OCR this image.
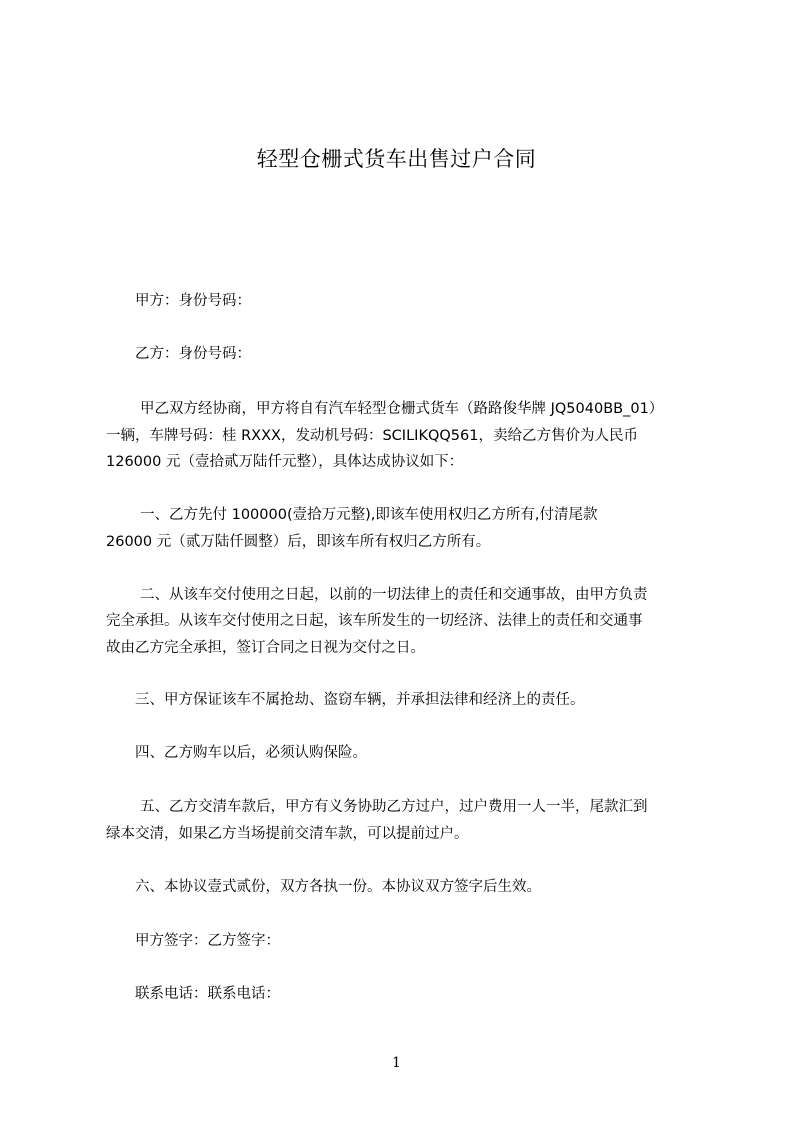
轻型仓栅式货车出售过户合同

甲方：身份号码：

乙方：身份号码：

甲乙双方经协商，甲方将自有汽车轻型仓栅式货车（路路俊华牌 JQ5040BB_01）

一辆，车牌号码：桂 RXXX，发动机号码：SCILIKQQ561，卖给乙方售价为人民币

126000 元（壹拾贰万陆仟元整），具体达成协议如下：

一、乙方先付 100000(壹拾万元整),即该车使用权归乙方所有,付清尾款

26000 元（贰万陆仟圆整）后，即该车所有权归乙方所有。

二、从该车交付使用之日起，以前的一切法律上的责任和交通事故，由甲方负责

完全承担。从该车交付使用之日起，该车所发生的一切经济、法律上的责任和交通事

故由乙方完全承担，签订合同之日视为交付之日。

三、甲方保证该车不属抢劫、盗窃车辆，并承担法律和经济上的责任。

四、乙方购车以后，必须认购保险。

五、乙方交清车款后，甲方有义务协助乙方过户，过户费用一人一半，尾款汇到

绿本交清，如果乙方当场提前交清车款，可以提前过户。

六、本协议壹式贰份，双方各执一份。本协议双方签字后生效。

甲方签字：乙方签字：

联系电话：联系电话：

1
